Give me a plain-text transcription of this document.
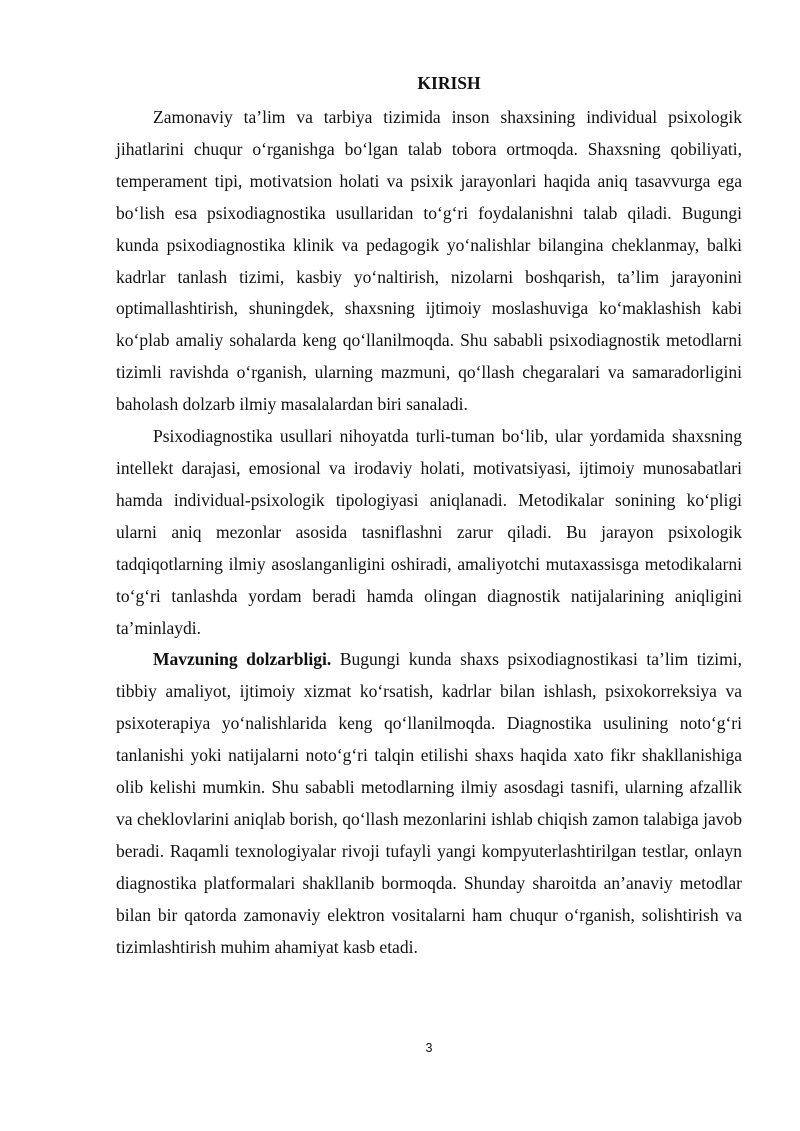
KIRISH

Zamonaviy ta’lim va tarbiya tizimida inson shaxsining individual psixologik jihatlarini chuqur o‘rganishga bo‘lgan talab tobora ortmoqda. Shaxsning qobiliyati, temperament tipi, motivatsion holati va psixik jarayonlari haqida aniq tasavvurga ega bo‘lish esa psixodiagnostika usullaridan to‘g‘ri foydalanishni talab qiladi. Bugungi kunda psixodiagnostika klinik va pedagogik yo‘nalishlar bilangina cheklanmay, balki kadrlar tanlash tizimi, kasbiy yo‘naltirish, nizolarni boshqarish, ta’lim jarayonini optimallashtirish, shuningdek, shaxsning ijtimoiy moslashuviga ko‘maklashish kabi ko‘plab amaliy sohalarda keng qo‘llanilmoqda. Shu sababli psixodiagnostik metodlarni tizimli ravishda o‘rganish, ularning mazmuni, qo‘llash chegaralari va samaradorligini baholash dolzarb ilmiy masalalardan biri sanaladi.

Psixodiagnostika usullari nihoyatda turli-tuman bo‘lib, ular yordamida shaxsning intellekt darajasi, emosional va irodaviy holati, motivatsiyasi, ijtimoiy munosabatlari hamda individual-psixologik tipologiyasi aniqlanadi. Metodikalar sonining ko‘pligi ularni aniq mezonlar asosida tasniflashni zarur qiladi. Bu jarayon psixologik tadqiqotlarning ilmiy asoslanganligini oshiradi, amaliyotchi mutaxassisga metodikalarni to‘g‘ri tanlashda yordam beradi hamda olingan diagnostik natijalarining aniqligini ta’minlaydi.

Mavzuning dolzarbligi. Bugungi kunda shaxs psixodiagnostikasi ta’lim tizimi, tibbiy amaliyot, ijtimoiy xizmat ko‘rsatish, kadrlar bilan ishlash, psixokorreksiya va psixoterapiya yo‘nalishlarida keng qo‘llanilmoqda. Diagnostika usulining noto‘g‘ri tanlanishi yoki natijalarni noto‘g‘ri talqin etilishi shaxs haqida xato fikr shakllanishiga olib kelishi mumkin. Shu sababli metodlarning ilmiy asosdagi tasnifi, ularning afzallik va cheklovlarini aniqlab borish, qo‘llash mezonlarini ishlab chiqish zamon talabiga javob beradi. Raqamli texnologiyalar rivoji tufayli yangi kompyuterlashtirilgan testlar, onlayn diagnostika platformalari shakllanib bormoqda. Shunday sharoitda an’anaviy metodlar bilan bir qatorda zamonaviy elektron vositalarni ham chuqur o‘rganish, solishtirish va tizimlashtirish muhim ahamiyat kasb etadi.

3
